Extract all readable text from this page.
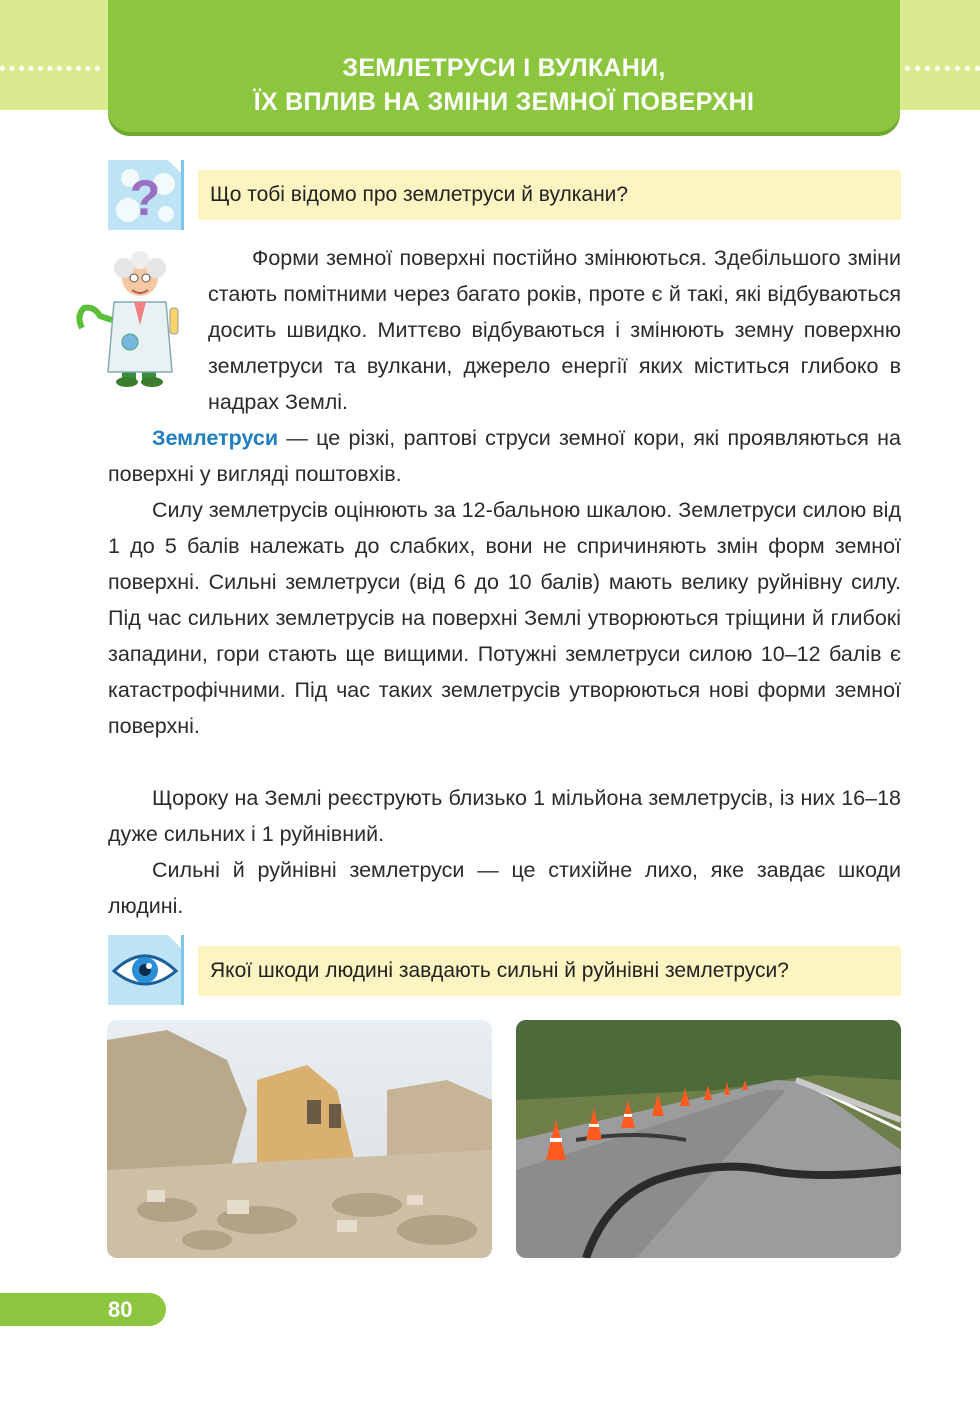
ЗЕМЛЕТРУСИ І ВУЛКАНИ,
ЇХ ВПЛИВ НА ЗМІНИ ЗЕМНОЇ ПОВЕРХНІ
?	Що тобі відомо про землетруси й вулкани?
Форми земної поверхні постійно змінюються. Здебільшого зміни стають помітними через багато років, проте є й такі, які відбуваються досить швидко. Миттєво відбуваються і змінюють земну поверхню землетруси та вулкани, джерело енергії яких міститься глибоко в надрах Землі.
Землетруси — це різкі, раптові струси земної кори, які проявляються на поверхні у вигляді поштовхів.
Силу землетрусів оцінюють за 12-бальною шкалою. Землетруси силою від 1 до 5 балів належать до слабких, вони не спричиняють змін форм земної поверхні. Сильні землетруси (від 6 до 10 балів) мають велику руйнівну силу. Під час сильних землетрусів на поверхні Землі утворюються тріщини й глибокі западини, гори стають ще вищими. Потужні землетруси силою 10–12 балів є катастрофічними. Під час таких землетрусів утворюються нові форми земної поверхні.
Щороку на Землі реєструють близько 1 мільйона землетрусів, із них 16–18 дуже сильних і 1 руйнівний.
Сильні й руйнівні землетруси — це стихійне лихо, яке завдає шкоди людині.
Якої шкоди людині завдають сильні й руйнівні землетруси?
80
